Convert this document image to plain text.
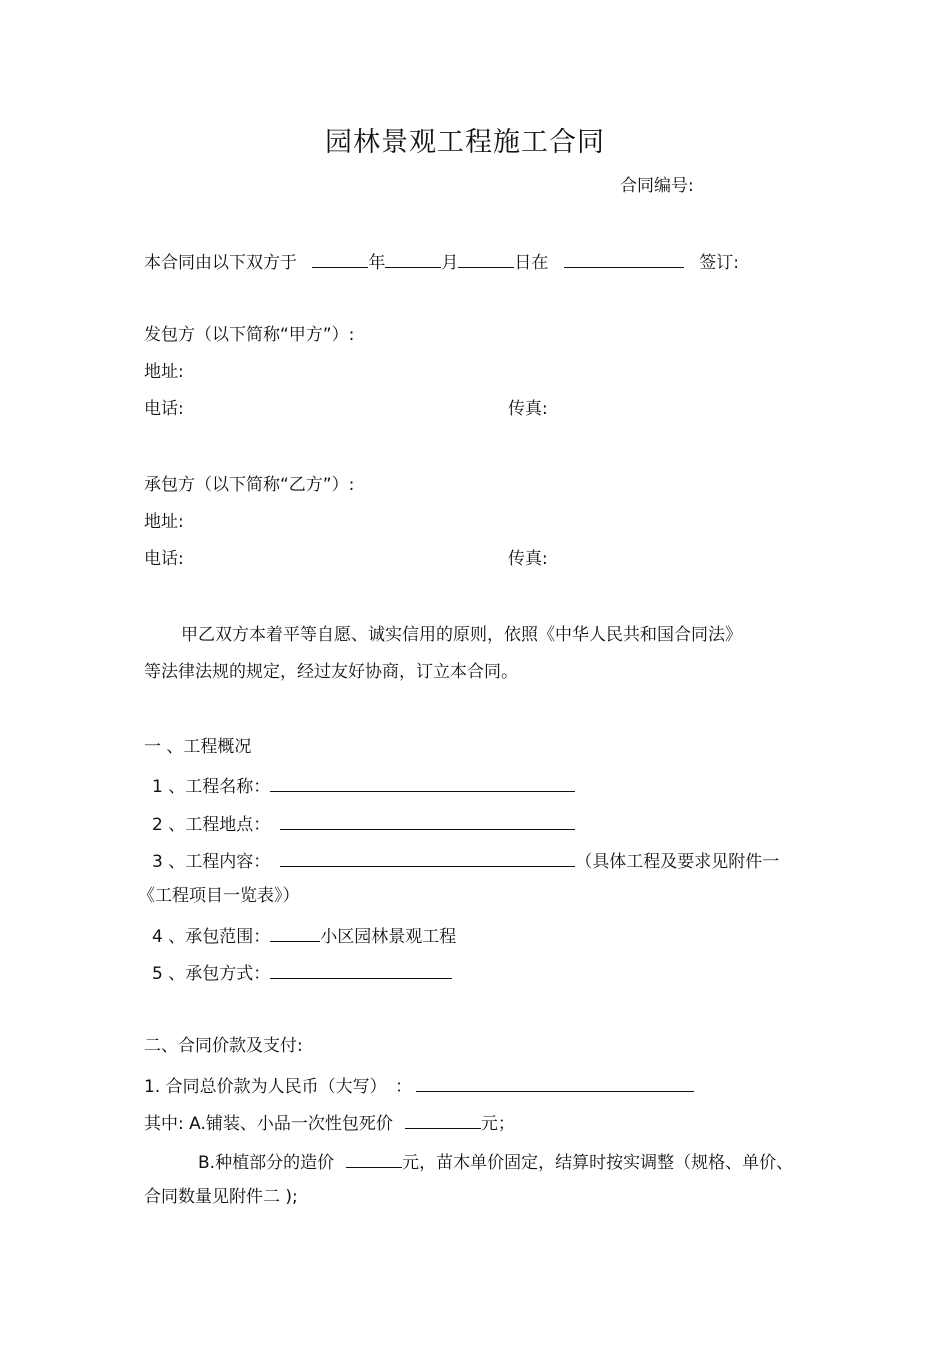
园林景观工程施工合同
合同编号:
本合同由以下双方于	年	月	日在	签订:
发包方（以下简称“甲方”）:
地址:
电话:	传真:
承包方（以下简称“乙方”）:
地址:
电话:	传真:
甲乙双方本着平等自愿、诚实信用的原则，依照《中华人民共和国合同法》
等法律法规的规定，经过友好协商，订立本合同。
一 、工程概况
1 、工程名称：
2 、工程地点：
3 、工程内容：	（具体工程及要求见附件一
《工程项目一览表》）
4 、承包范围：	小区园林景观工程
5 、承包方式：
二、合同价款及支付:
1. 合同总价款为人民币（大写）　：
其中: A.铺装、小品一次性包死价	元；
B.种植部分的造价	元，苗木单价固定，结算时按实调整（规格、单价、
合同数量见附件二 );
